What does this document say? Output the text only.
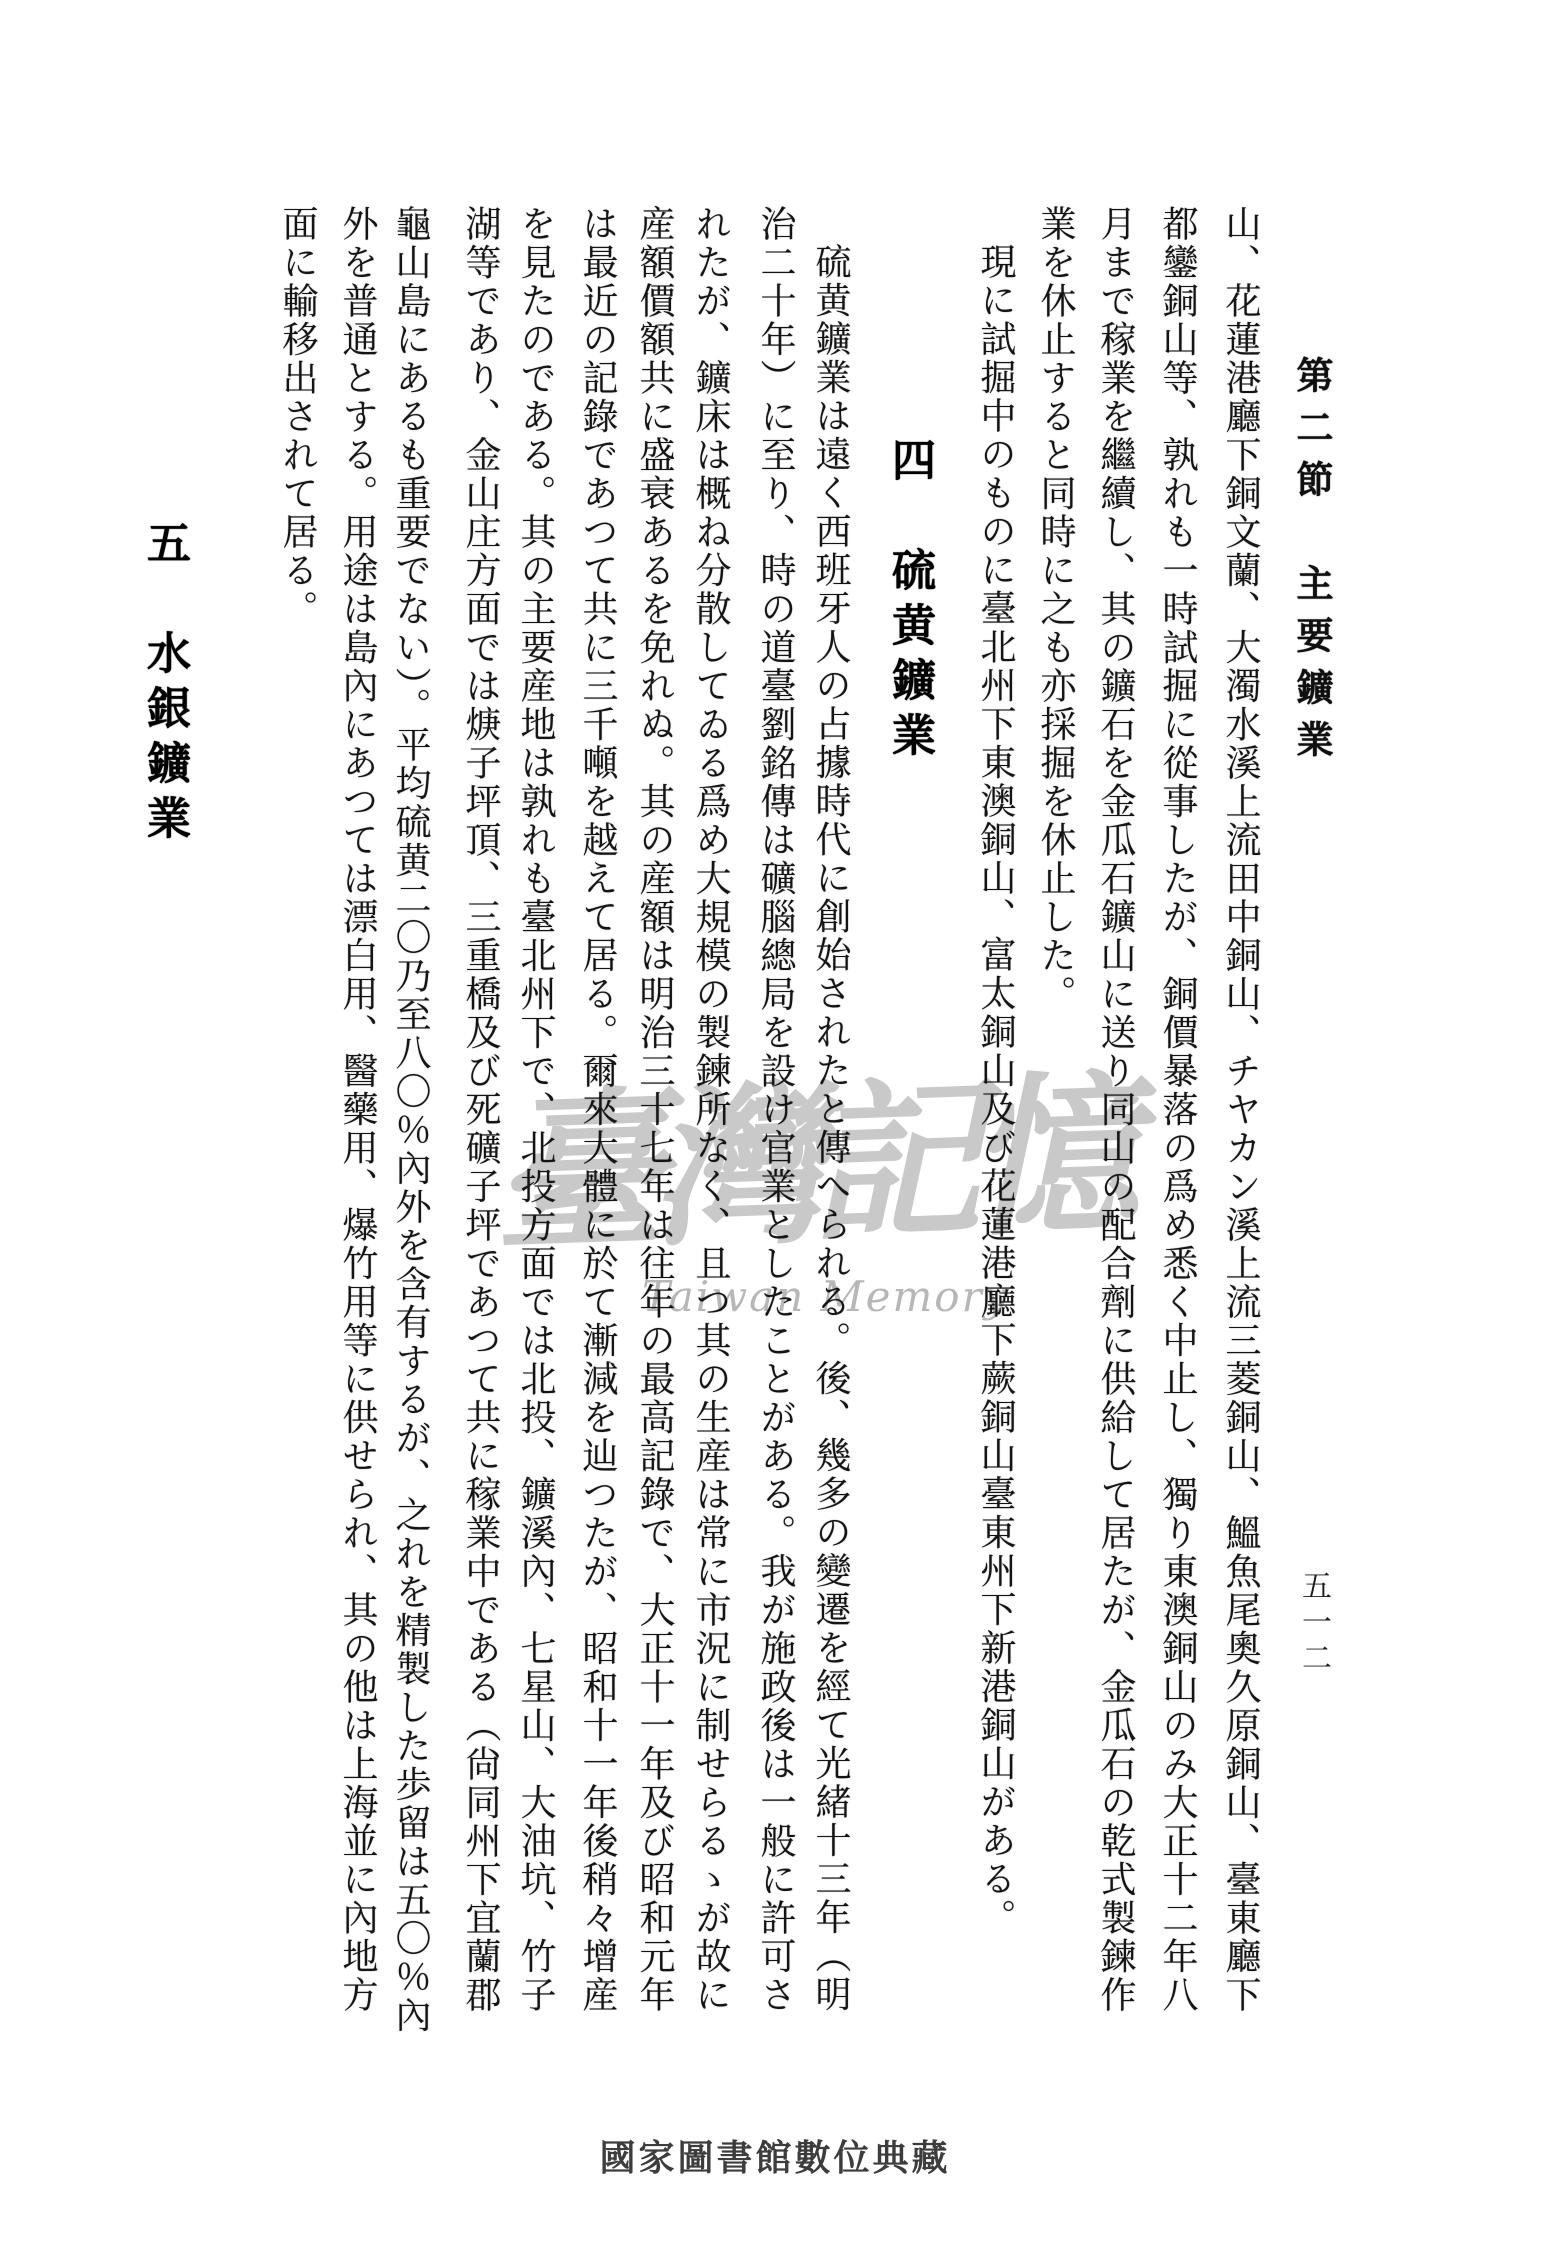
第二節　主要鑛業
五一二
山、花蓮港廳下銅文蘭、大濁水溪上流田中銅山、チヤカン溪上流三菱銅山、鰮魚尾奧久原銅山、臺東廳下
都鑾銅山等、孰れも一時試掘に從事したが、銅價暴落の爲め悉く中止し、獨り東澳銅山のみ大正十二年八
月まで稼業を繼續し、其の鑛石を金瓜石鑛山に送り同山の配合劑に供給して居たが、金瓜石の乾式製鍊作
業を休止すると同時に之も亦採掘を休止した。
現に試掘中のものに臺北州下東澳銅山、富太銅山及び花蓮港廳下蕨銅山臺東州下新港銅山がある。
四　硫黄鑛業
硫黄鑛業は遠く西班牙人の占據時代に創始されたと傳へられる。後、幾多の變遷を經て光緒十三年（明
治二十年）に至り、時の道臺劉銘傳は礦腦總局を設け官業としたことがある。我が施政後は一般に許可さ
れたが、鑛床は概ね分散してゐる爲め大規模の製鍊所なく、且つ其の生産は常に市況に制せらるゝが故に
産額價額共に盛衰あるを免れぬ。其の産額は明治三十七年は往年の最高記錄で、大正十一年及び昭和元年
は最近の記錄であつて共に三千噸を越えて居る。爾來大體に於て漸減を辿つたが、昭和十一年後稍々增産
を見たのである。其の主要産地は孰れも臺北州下で、北投方面では北投、鑛溪內、七星山、大油坑、竹子
湖等であり、金山庄方面では焿子坪頂、三重橋及び死礦子坪であつて共に稼業中である（尙同州下宜蘭郡
龜山島にあるも重要でない）。平均硫黄二〇乃至八〇％內外を含有するが、之れを精製した歩留は五〇％內
外を普通とする。用途は島內にあつては漂白用、醫藥用、爆竹用等に供せられ、其の他は上海並に內地方
面に輸移出されて居る。
五　水銀鑛業
臺灣記憶
Taiwan Memory
國家圖書館數位典藏
